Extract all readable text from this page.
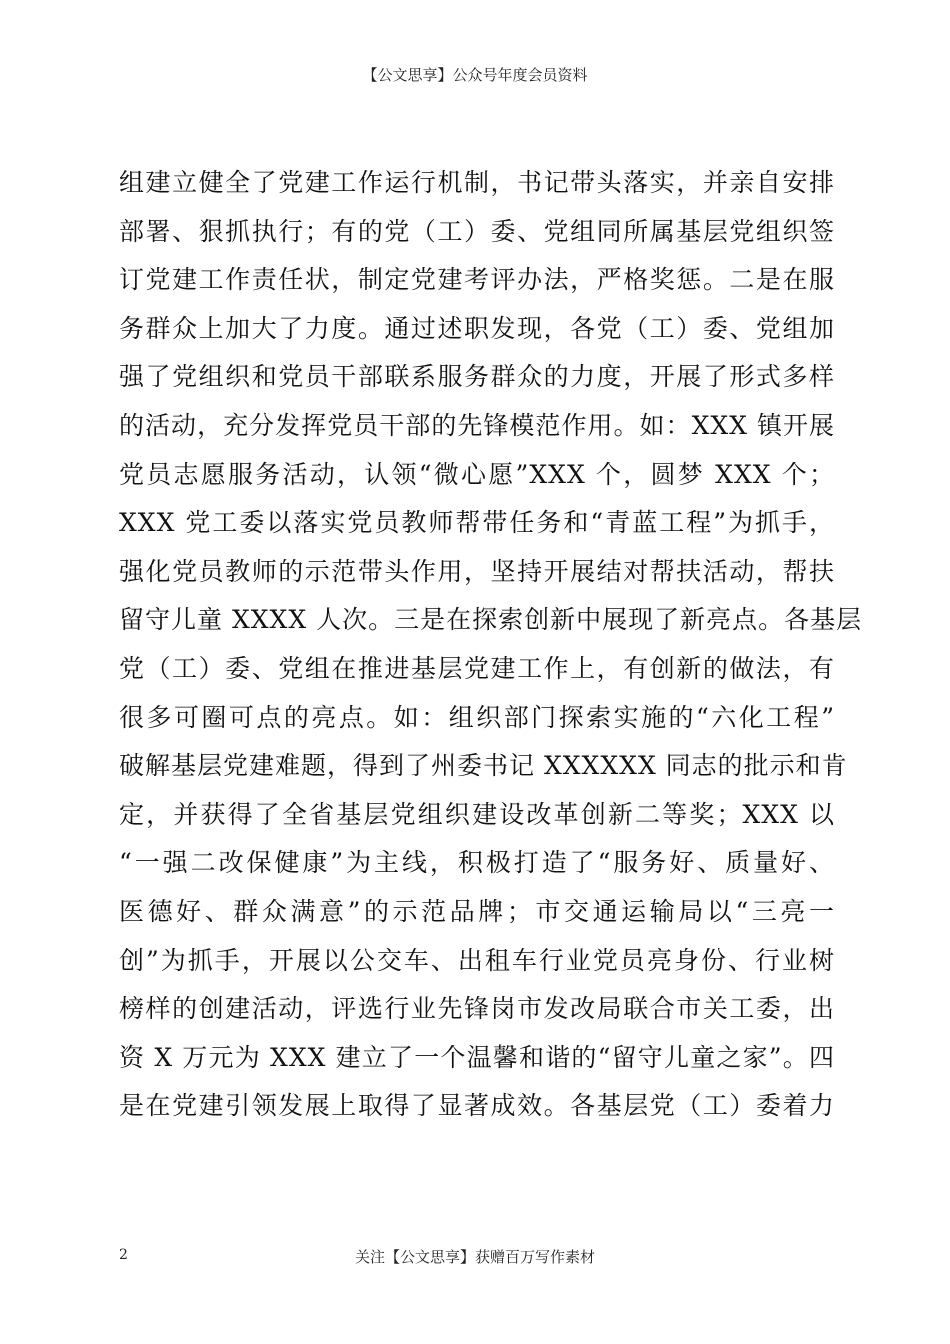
【公文思享】公众号年度会员资料
组建立健全了党建工作运行机制，书记带头落实，并亲自安排
部署、狠抓执行；有的党（工）委、党组同所属基层党组织签
订党建工作责任状，制定党建考评办法，严格奖惩。二是在服
务群众上加大了力度。通过述职发现，各党（工）委、党组加
强了党组织和党员干部联系服务群众的力度，开展了形式多样
的活动，充分发挥党员干部的先锋模范作用。如：XXX 镇开展
党员志愿服务活动，认领“微心愿”XXX 个，圆梦 XXX 个；
XXX 党工委以落实党员教师帮带任务和“青蓝工程”为抓手，
强化党员教师的示范带头作用，坚持开展结对帮扶活动，帮扶
留守儿童 XXXX 人次。三是在探索创新中展现了新亮点。各基层
党（工）委、党组在推进基层党建工作上，有创新的做法，有
很多可圈可点的亮点。如：组织部门探索实施的“六化工程”
破解基层党建难题，得到了州委书记 XXXXXX 同志的批示和肯
定，并获得了全省基层党组织建设改革创新二等奖；XXX 以
“一强二改保健康”为主线，积极打造了“服务好、质量好、
医德好、群众满意”的示范品牌；市交通运输局以“三亮一
创”为抓手，开展以公交车、出租车行业党员亮身份、行业树
榜样的创建活动，评选行业先锋岗市发改局联合市关工委，出
资 X 万元为 XXX 建立了一个温馨和谐的“留守儿童之家”。四
是在党建引领发展上取得了显著成效。各基层党（工）委着力
2	关注【公文思享】获赠百万写作素材
